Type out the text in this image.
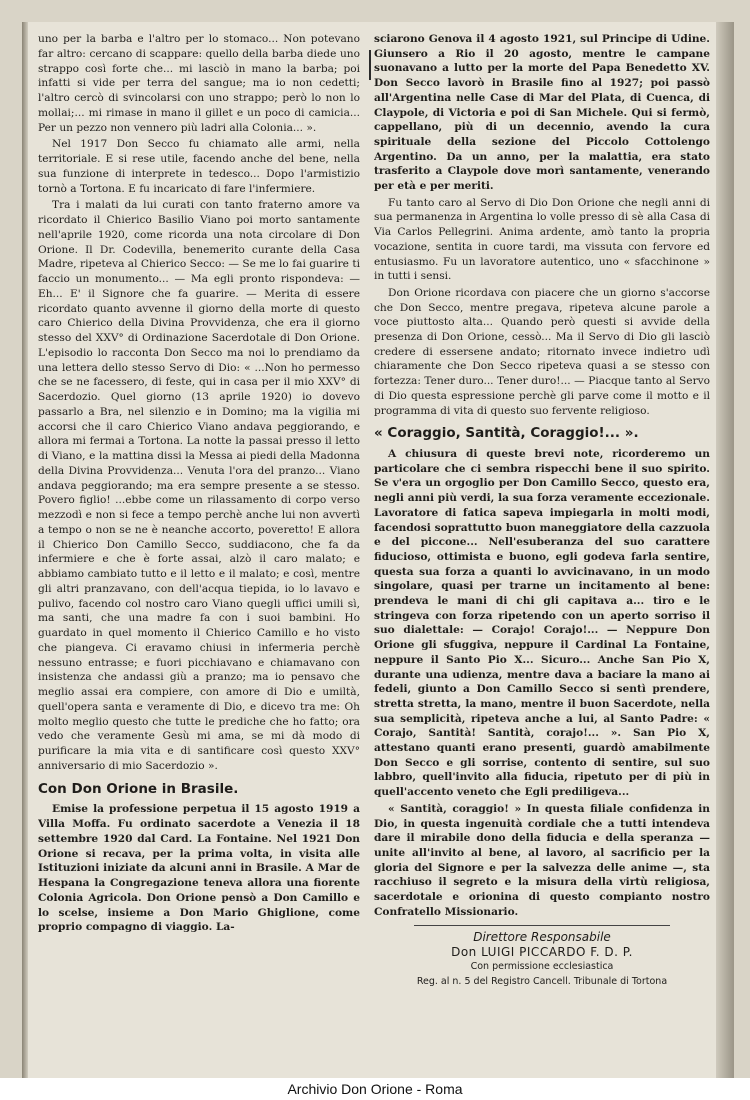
uno per la barba e l'altro per lo stomaco... Non potevano far altro: cercano di scappare: quello della barba diede uno strappo così forte che... mi lasciò in mano la barba; poi infatti si vide per terra del sangue; ma io non cedetti; l'altro cercò di svincolarsi con uno strappo; però lo non lo mollai;... mi rimase in mano il gillet e un poco di camicia... Per un pezzo non vennero più ladri alla Colonia... ».

Nel 1917 Don Secco fu chiamato alle armi, nella territoriale. E si rese utile, facendo anche del bene, nella sua funzione di interprete in tedesco... Dopo l'armistizio tornò a Tortona. E fu incaricato di fare l'infermiere.

Tra i malati da lui curati con tanto fraterno amore va ricordato il Chierico Basilio Viano poi morto santamente nell'aprile 1920, come ricorda una nota circolare di Don Orione. Il Dr. Codevilla, benemerito curante della Casa Madre, ripeteva al Chierico Secco: — Se me lo fai guarire ti faccio un monumento... — Ma egli pronto rispondeva: — Eh... E' il Signore che fa guarire. — Merita di essere ricordato quanto avvenne il giorno della morte di questo caro Chierico della Divina Provvidenza, che era il giorno stesso del XXV° di Ordinazione Sacerdotale di Don Orione. L'episodio lo racconta Don Secco ma noi lo prendiamo da una lettera dello stesso Servo di Dio: « ...Non ho permesso che se ne facessero, di feste, qui in casa per il mio XXV° di Sacerdozio. Quel giorno (13 aprile 1920) io dovevo passarlo a Bra, nel silenzio e in Domino; ma la vigilia mi accorsi che il caro Chierico Viano andava peggiorando, e allora mi fermai a Tortona. La notte la passai presso il letto di Viano, e la mattina dissi la Messa ai piedi della Madonna della Divina Provvidenza... Venuta l'ora del pranzo... Viano andava peggiorando; ma era sempre presente a se stesso. Povero figlio! ...ebbe come un rilassamento di corpo verso mezzodì e non si fece a tempo perchè anche lui non avvertì a tempo o non se ne è neanche accorto, poveretto! E allora il Chierico Don Camillo Secco, suddiacono, che fa da infermiere e che è forte assai, alzò il caro malato; e abbiamo cambiato tutto e il letto e il malato; e così, mentre gli altri pranzavano, con dell'acqua tiepida, io lo lavavo e pulivo, facendo col nostro caro Viano quegli uffici umili sì, ma santi, che una madre fa con i suoi bambini. Ho guardato in quel momento il Chierico Camillo e ho visto che piangeva. Ci eravamo chiusi in infermeria perchè nessuno entrasse; e fuori picchiavano e chiamavano con insistenza che andassi giù a pranzo; ma io pensavo che meglio assai era compiere, con amore di Dio e umiltà, quell'opera santa e veramente di Dio, e dicevo tra me: Oh molto meglio questo che tutte le prediche che ho fatto; ora vedo che veramente Gesù mi ama, se mi dà modo di purificare la mia vita e di santificare così questo XXV° anniversario di mio Sacerdozio ».

Con Don Orione in Brasile.

Emise la professione perpetua il 15 agosto 1919 a Villa Moffa. Fu ordinato sacerdote a Venezia il 18 settembre 1920 dal Card. La Fontaine. Nel 1921 Don Orione si recava, per la prima volta, in visita alle Istituzioni iniziate da alcuni anni in Brasile. A Mar de Hespana la Congregazione teneva allora una fiorente Colonia Agricola. Don Orione pensò a Don Camillo e lo scelse, insieme a Don Mario Ghiglione, come proprio compagno di viaggio. La-

sciarono Genova il 4 agosto 1921, sul Principe di Udine. Giunsero a Rio il 20 agosto, mentre le campane suonavano a lutto per la morte del Papa Benedetto XV. Don Secco lavorò in Brasile fino al 1927; poi passò all'Argentina nelle Case di Mar del Plata, di Cuenca, di Claypole, di Victoria e poi di San Michele. Qui si fermò, cappellano, più di un decennio, avendo la cura spirituale della sezione del Piccolo Cottolengo Argentino. Da un anno, per la malattia, era stato trasferito a Claypole dove morì santamente, venerando per età e per meriti.

Fu tanto caro al Servo di Dio Don Orione che negli anni di sua permanenza in Argentina lo volle presso di sè alla Casa di Via Carlos Pellegrini. Anima ardente, amò tanto la propria vocazione, sentita in cuore tardi, ma vissuta con fervore ed entusiasmo. Fu un lavoratore autentico, uno « sfacchinone » in tutti i sensi.

Don Orione ricordava con piacere che un giorno s'accorse che Don Secco, mentre pregava, ripeteva alcune parole a voce piuttosto alta... Quando però questi si avvide della presenza di Don Orione, cessò... Ma il Servo di Dio gli lasciò credere di essersene andato; ritornato invece indietro udì chiaramente che Don Secco ripeteva quasi a se stesso con fortezza: Tener duro... Tener duro!... — Piacque tanto al Servo di Dio questa espressione perchè gli parve come il motto e il programma di vita di questo suo fervente religioso.

« Coraggio, Santità, Coraggio!... ».

A chiusura di queste brevi note, ricorderemo un particolare che ci sembra rispecchi bene il suo spirito. Se v'era un orgoglio per Don Camillo Secco, questo era, negli anni più verdi, la sua forza veramente eccezionale. Lavoratore di fatica sapeva impiegarla in molti modi, facendosi soprattutto buon maneggiatore della cazzuola e del piccone... Nell'esuberanza del suo carattere fiducioso, ottimista e buono, egli godeva farla sentire, questa sua forza a quanti lo avvicinavano, in un modo singolare, quasi per trarne un incitamento al bene: prendeva le mani di chi gli capitava a... tiro e le stringeva con forza ripetendo con un aperto sorriso il suo dialettale: — Corajo! Corajo!... — Neppure Don Orione gli sfuggiva, neppure il Cardinal La Fontaine, neppure il Santo Pio X... Sicuro... Anche San Pio X, durante una udienza, mentre dava a baciare la mano ai fedeli, giunto a Don Camillo Secco si sentì prendere, stretta stretta, la mano, mentre il buon Sacerdote, nella sua semplicità, ripeteva anche a lui, al Santo Padre: « Corajo, Santità! Santità, corajo!... ». San Pio X, attestano quanti erano presenti, guardò amabilmente Don Secco e gli sorrise, contento di sentire, sul suo labbro, quell'invito alla fiducia, ripetuto per di più in quell'accento veneto che Egli prediligeva...

« Santità, coraggio! » In questa filiale confidenza in Dio, in questa ingenuità cordiale che a tutti intendeva dare il mirabile dono della fiducia e della speranza — unite all'invito al bene, al lavoro, al sacrificio per la gloria del Signore e per la salvezza delle anime —, sta racchiuso il segreto e la misura della virtù religiosa, sacerdotale e orionina di questo compianto nostro Confratello Missionario.

Direttore Responsabile
Don LUIGI PICCARDO F. D. P.
Con permissione ecclesiastica
Reg. al n. 5 del Registro Cancell. Tribunale di Tortona
Archivio Don Orione - Roma
